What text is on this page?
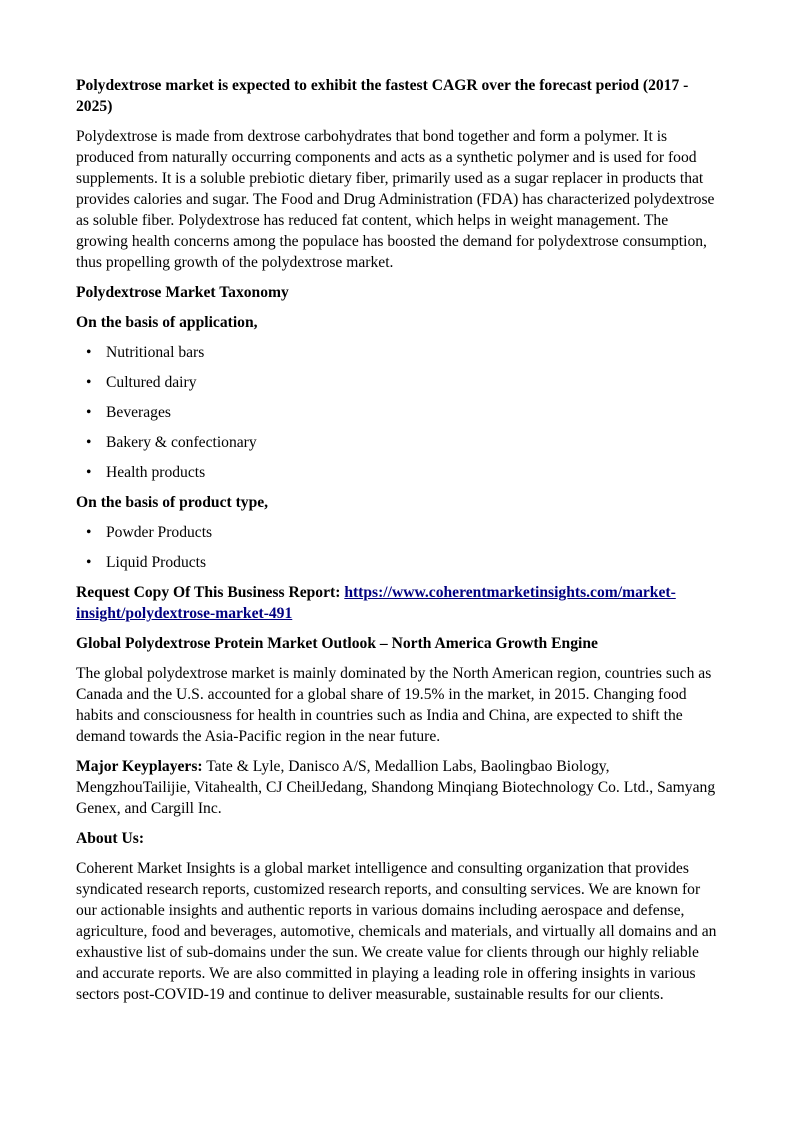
Polydextrose market is expected to exhibit the fastest CAGR over the forecast period (2017 - 2025)

Polydextrose is made from dextrose carbohydrates that bond together and form a polymer. It is produced from naturally occurring components and acts as a synthetic polymer and is used for food supplements. It is a soluble prebiotic dietary fiber, primarily used as a sugar replacer in products that provides calories and sugar. The Food and Drug Administration (FDA) has characterized polydextrose as soluble fiber. Polydextrose has reduced fat content, which helps in weight management. The growing health concerns among the populace has boosted the demand for polydextrose consumption, thus propelling growth of the polydextrose market.

Polydextrose Market Taxonomy

On the basis of application,

• Nutritional bars
• Cultured dairy
• Beverages
• Bakery & confectionary
• Health products

On the basis of product type,

• Powder Products
• Liquid Products

Request Copy Of This Business Report: https://www.coherentmarketinsights.com/market-insight/polydextrose-market-491

Global Polydextrose Protein Market Outlook – North America Growth Engine

The global polydextrose market is mainly dominated by the North American region, countries such as Canada and the U.S. accounted for a global share of 19.5% in the market, in 2015. Changing food habits and consciousness for health in countries such as India and China, are expected to shift the demand towards the Asia-Pacific region in the near future.

Major Keyplayers: Tate & Lyle, Danisco A/S, Medallion Labs, Baolingbao Biology, MengzhouTailijie, Vitahealth, CJ CheilJedang, Shandong Minqiang Biotechnology Co. Ltd., Samyang Genex, and Cargill Inc.

About Us:

Coherent Market Insights is a global market intelligence and consulting organization that provides syndicated research reports, customized research reports, and consulting services. We are known for our actionable insights and authentic reports in various domains including aerospace and defense, agriculture, food and beverages, automotive, chemicals and materials, and virtually all domains and an exhaustive list of sub-domains under the sun. We create value for clients through our highly reliable and accurate reports. We are also committed in playing a leading role in offering insights in various sectors post-COVID-19 and continue to deliver measurable, sustainable results for our clients.
